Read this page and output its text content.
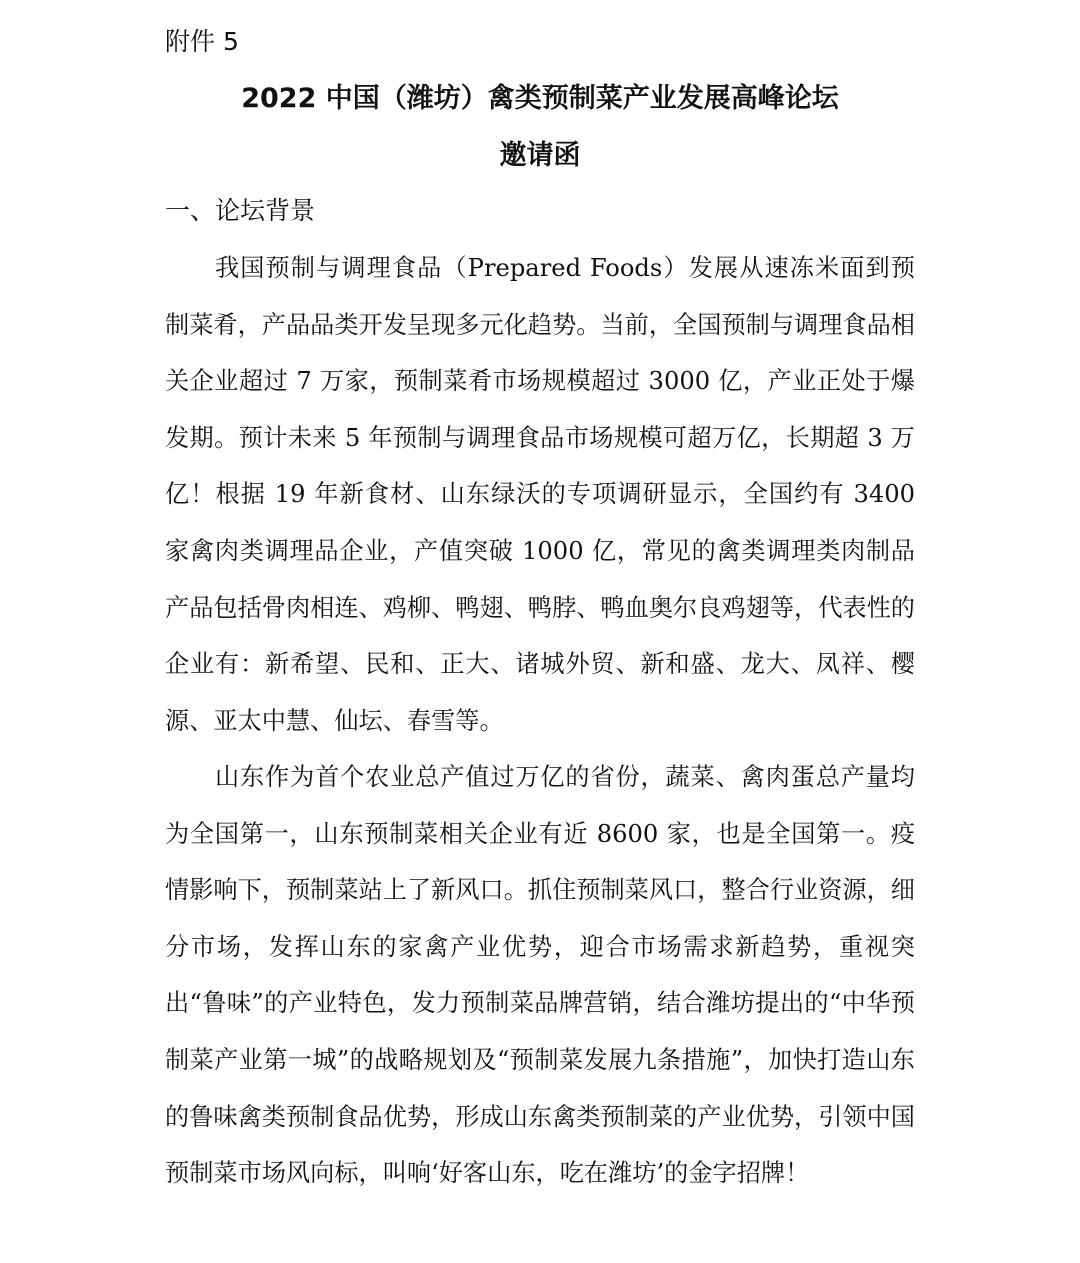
附件 5
2022 中国（潍坊）禽类预制菜产业发展高峰论坛
邀请函
一、论坛背景

我国预制与调理食品（Prepared Foods）发展从速冻米面到预制菜肴，产品品类开发呈现多元化趋势。当前，全国预制与调理食品相关企业超过 7 万家，预制菜肴市场规模超过 3000 亿，产业正处于爆发期。预计未来 5 年预制与调理食品市场规模可超万亿，长期超 3 万亿！根据 19 年新食材、山东绿沃的专项调研显示，全国约有 3400 家禽肉类调理品企业，产值突破 1000 亿，常见的禽类调理类肉制品产品包括骨肉相连、鸡柳、鸭翅、鸭脖、鸭血奥尔良鸡翅等，代表性的企业有：新希望、民和、正大、诸城外贸、新和盛、龙大、凤祥、樱源、亚太中慧、仙坛、春雪等。

山东作为首个农业总产值过万亿的省份，蔬菜、禽肉蛋总产量均为全国第一，山东预制菜相关企业有近 8600 家，也是全国第一。疫情影响下，预制菜站上了新风口。抓住预制菜风口，整合行业资源，细分市场，发挥山东的家禽产业优势，迎合市场需求新趋势，重视突出“鲁味”的产业特色，发力预制菜品牌营销，结合潍坊提出的“中华预制菜产业第一城”的战略规划及“预制菜发展九条措施”，加快打造山东的鲁味禽类预制食品优势，形成山东禽类预制菜的产业优势，引领中国预制菜市场风向标，叫响‘好客山东，吃在潍坊’的金字招牌！
